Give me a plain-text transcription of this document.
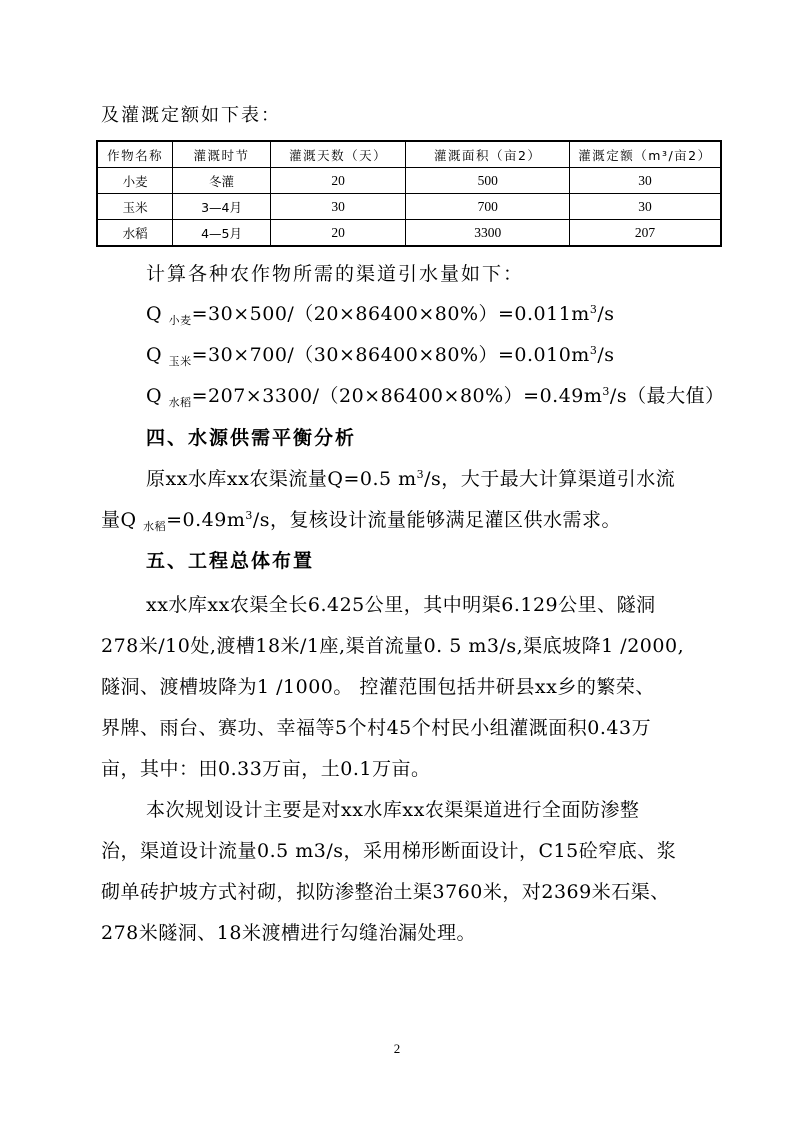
及灌溉定额如下表：
作物名称	灌溉时节	灌溉天数（天）	灌溉面积（亩2）	灌溉定额（m³/亩2）
小麦	冬灌	20	500	30
玉米	3—4月	30	700	30
水稻	4—5月	20	3300	207
计算各种农作物所需的渠道引水量如下：
Q $_{小麦}=30\times 500/(20\times 86400\times 80\%)=0.011m^3/s$
Q $_{玉米}=30\times 700/(30\times 86400\times 80\%)=0.010m^3/s$
Q $_{水稻}=207\times 3300/(20\times 86400\times 80\%)=0.49m^3/s$（最大值）
四、水源供需平衡分析
原xx水库xx农渠流量Q=0.5 $m^3/s$，大于最大计算渠道引水流
量Q $_{水稻}=0.49m^3/s$，复核设计流量能够满足灌区供水需求。
五、工程总体布置
xx水库xx农渠全长6.425公里，其中明渠6.129公里、隧洞
278米/10处,渡槽18米/1座,渠首流量0. 5 m3/s,渠底坡降1 /2000,
隧洞、渡槽坡降为1 /1000。 控灌范围包括井研县xx乡的繁荣、
界牌、雨台、赛功、幸福等5个村45个村民小组灌溉面积0.43万
亩，其中：田0.33万亩，土0.1万亩。
本次规划设计主要是对xx水库xx农渠渠道进行全面防渗整
治，渠道设计流量0.5 m3/s，采用梯形断面设计，C15砼窄底、浆
砌单砖护坡方式衬砌，拟防渗整治土渠3760米，对2369米石渠、
278米隧洞、18米渡槽进行勾缝治漏处理。
2
